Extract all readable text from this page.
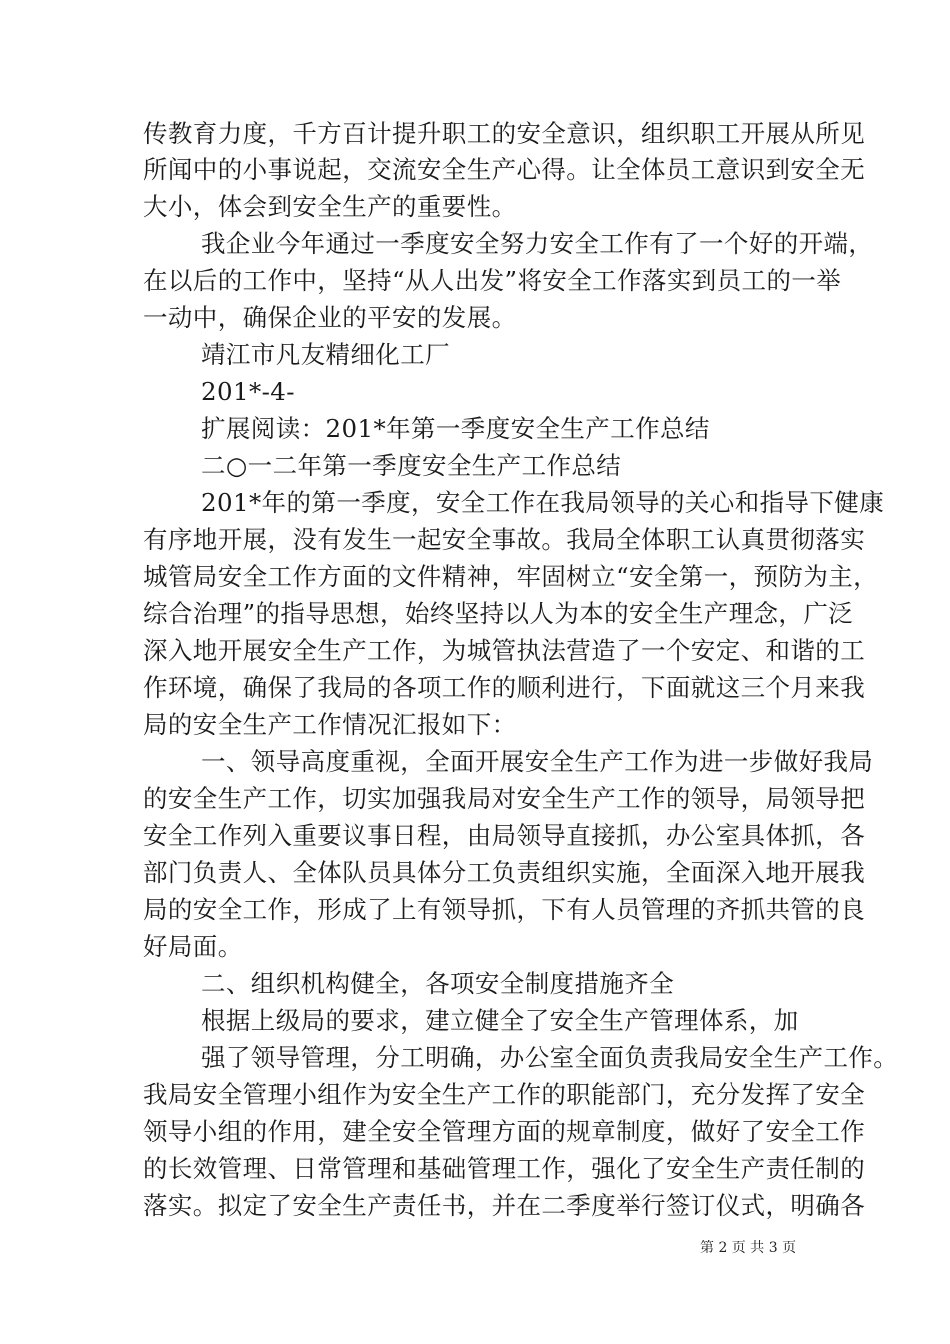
传教育力度，千方百计提升职工的安全意识，组织职工开展从所见
所闻中的小事说起，交流安全生产心得。让全体员工意识到安全无
大小，体会到安全生产的重要性。
我企业今年通过一季度安全努力安全工作有了一个好的开端，
在以后的工作中，坚持“从人出发”将安全工作落实到员工的一举
一动中，确保企业的平安的发展。
靖江市凡友精细化工厂
201*-4-
扩展阅读：201*年第一季度安全生产工作总结
二○一二年第一季度安全生产工作总结
201*年的第一季度，安全工作在我局领导的关心和指导下健康
有序地开展，没有发生一起安全事故。我局全体职工认真贯彻落实
城管局安全工作方面的文件精神，牢固树立“安全第一，预防为主，
综合治理”的指导思想，始终坚持以人为本的安全生产理念，广泛
深入地开展安全生产工作，为城管执法营造了一个安定、和谐的工
作环境，确保了我局的各项工作的顺利进行，下面就这三个月来我
局的安全生产工作情况汇报如下：
一、领导高度重视，全面开展安全生产工作为进一步做好我局
的安全生产工作，切实加强我局对安全生产工作的领导，局领导把
安全工作列入重要议事日程，由局领导直接抓，办公室具体抓，各
部门负责人、全体队员具体分工负责组织实施，全面深入地开展我
局的安全工作，形成了上有领导抓，下有人员管理的齐抓共管的良
好局面。
二、组织机构健全，各项安全制度措施齐全
根据上级局的要求，建立健全了安全生产管理体系，加
强了领导管理，分工明确，办公室全面负责我局安全生产工作。
我局安全管理小组作为安全生产工作的职能部门，充分发挥了安全
领导小组的作用，建全安全管理方面的规章制度，做好了安全工作
的长效管理、日常管理和基础管理工作，强化了安全生产责任制的
落实。拟定了安全生产责任书，并在二季度举行签订仪式，明确各
第 2 页 共 3 页
